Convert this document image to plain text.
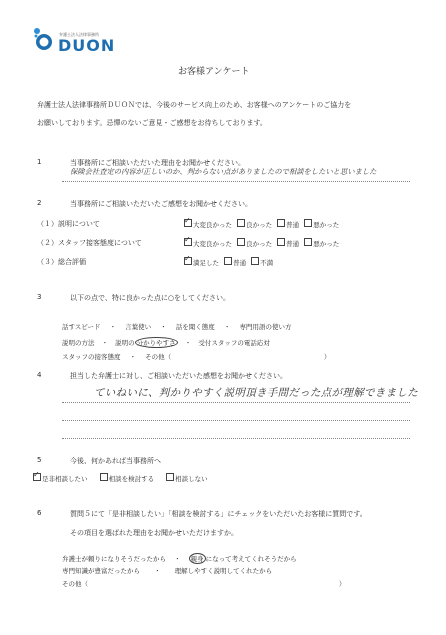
弁護士法人法律事務所
DUON
お客様アンケート
弁護士法人法律事務所ＤＵＯＮでは、今後のサービス向上のため、お客様へのアンケートのご協力を
お願いしております。忌憚のないご意見・ご感想をお待ちしております。
1	当事務所にご相談いただいた理由をお聞かせください。
保険会社査定の内容が正しいのか、判からない点がありましたので相談をしたいと思いました
2	当事務所にご相談いただいたご感想をお聞かせください。
（１）説明について ✓	大変良かった 良かった 普通 悪かった
（２）スタッフ接客態度について ✓	大変良かった 良かった 普通 悪かった
（３）総合評価 ✓	満足した 普通 不満
3	以下の点で、特に良かった点に○をしてください。
話すスピード ・ 言葉使い ・ 話を聞く態度 ・ 専門用語の使い方
説明の方法 ・ 説明の 分かりやすさ ・ 受付スタッフの電話応対
スタッフの接客態度 ・ その他（	）
4	担当した弁護士に対し、ご相談いただいた感想をお聞かせください。
ていねいに、判かりやすく説明頂き手間だった点が理解できました
5	今後、何かあれば当事務所へ
✓是非相談したい	相談を検討する	相談しない
6	質問５にて「是非相談したい」「相談を検討する」にチェックをいただいたお客様に質問です。
その項目を選ばれた理由をお聞かせいただけますか。
弁護士が頼りになりそうだったから ・ 親身 になって考えてくれそうだから
専門知識が豊富だったから ・ 理解しやすく説明してくれたから
その他（	）
